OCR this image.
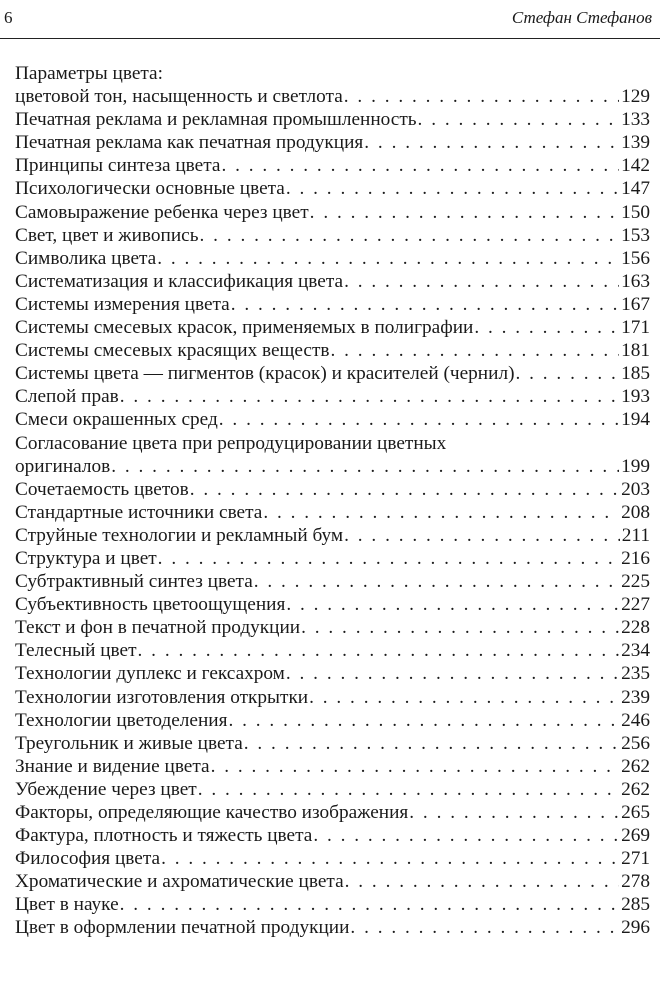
6	Стефан Стефанов
Параметры цвета:
цветовой тон, насыщенность и светлота . . .	129
Печатная реклама и рекламная промышленность . . .	133
Печатная реклама как печатная продукция . . .	139
Принципы синтеза цвета . . .	142
Психологически основные цвета . . .	147
Самовыражение ребенка через цвет . . .	150
Свет, цвет и живопись . . .	153
Символика цвета . . .	156
Систематизация и классификация цвета . . .	163
Системы измерения цвета . . .	167
Системы смесевых красок, применяемых в полиграфии . . .	171
Системы смесевых красящих веществ . . .	181
Системы цвета — пигментов (красок) и красителей (чернил) . . .	185
Слепой прав . . .	193
Смеси окрашенных сред . . .	194
Согласование цвета при репродуцировании цветных
оригиналов . . .	199
Сочетаемость цветов . . .	203
Стандартные источники света . . .	208
Струйные технологии и рекламный бум . . .	211
Структура и цвет . . .	216
Субтрактивный синтез цвета . . .	225
Субъективность цветоощущения . . .	227
Текст и фон в печатной продукции . . .	228
Телесный цвет . . .	234
Технологии дуплекс и гексахром . . .	235
Технологии изготовления открытки . . .	239
Технологии цветоделения . . .	246
Треугольник и живые цвета . . .	256
Знание и видение цвета . . .	262
Убеждение через цвет . . .	262
Факторы, определяющие качество изображения . . .	265
Фактура, плотность и тяжесть цвета . . .	269
Философия цвета . . .	271
Хроматические и ахроматические цвета . . .	278
Цвет в науке . . .	285
Цвет в оформлении печатной продукции . . .	296
